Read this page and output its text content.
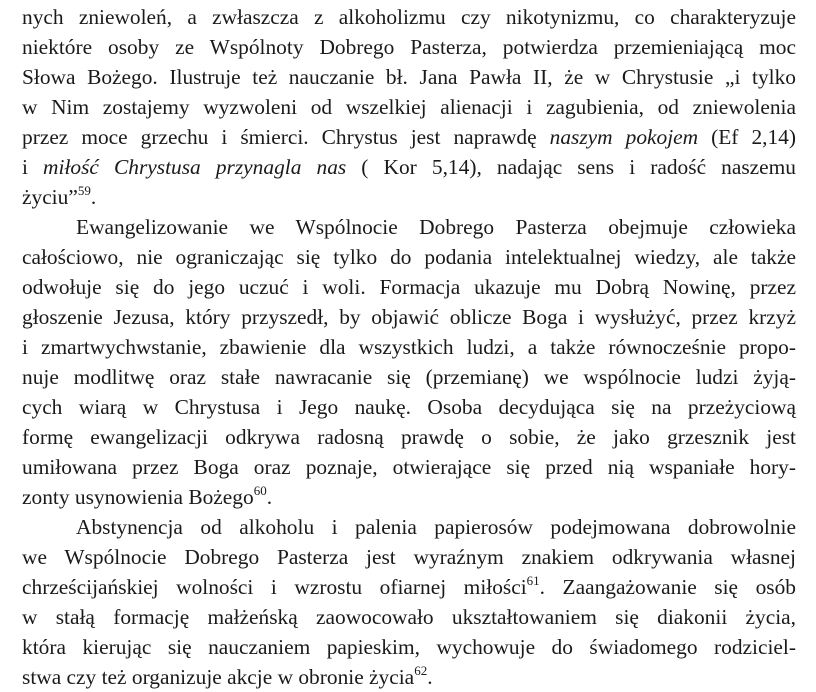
nych zniewoleń, a zwłaszcza z alkoholizmu czy nikotynizmu, co charakteryzuje
niektóre osoby ze Wspólnoty Dobrego Pasterza, potwierdza przemieniającą moc
Słowa Bożego. Ilustruje też nauczanie bł. Jana Pawła II, że w Chrystusie „i tylko
w Nim zostajemy wyzwoleni od wszelkiej alienacji i zagubienia, od zniewolenia
przez moce grzechu i śmierci. Chrystus jest naprawdę naszym pokojem (Ef 2,14)
i miłość Chrystusa przynagla nas ( Kor 5,14), nadając sens i radość naszemu
życiu”$^{59}$.
Ewangelizowanie we Wspólnocie Dobrego Pasterza obejmuje człowieka
całościowo, nie ograniczając się tylko do podania intelektualnej wiedzy, ale także
odwołuje się do jego uczuć i woli. Formacja ukazuje mu Dobrą Nowinę, przez
głoszenie Jezusa, który przyszedł, by objawić oblicze Boga i wysłużyć, przez krzyż
i zmartwychwstanie, zbawienie dla wszystkich ludzi, a także równocześnie propo-
nuje modlitwę oraz stałe nawracanie się (przemianę) we wspólnocie ludzi żyją-
cych wiarą w Chrystusa i Jego naukę. Osoba decydująca się na przeżyciową
formę ewangelizacji odkrywa radosną prawdę o sobie, że jako grzesznik jest
umiłowana przez Boga oraz poznaje, otwierające się przed nią wspaniałe hory-
zonty usynowienia Bożego$^{60}$.
Abstynencja od alkoholu i palenia papierosów podejmowana dobrowolnie
we Wspólnocie Dobrego Pasterza jest wyraźnym znakiem odkrywania własnej
chrześcijańskiej wolności i wzrostu ofiarnej miłości$^{61}$. Zaangażowanie się osób
w stałą formację małżeńską zaowocowało ukształtowaniem się diakonii życia,
która kierując się nauczaniem papieskim, wychowuje do świadomego rodziciel-
stwa czy też organizuje akcje w obronie życia$^{62}$.
